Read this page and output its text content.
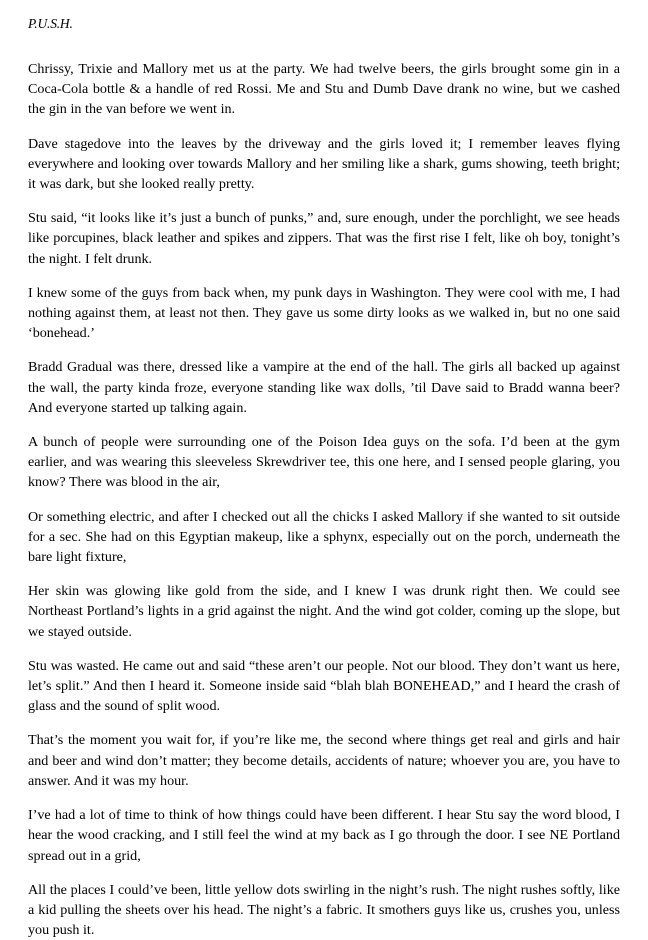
P.U.S.H.

Chrissy, Trixie and Mallory met us at the party. We had twelve beers, the girls brought some gin in a Coca-Cola bottle & a handle of red Rossi. Me and Stu and Dumb Dave drank no wine, but we cashed the gin in the van before we went in.

Dave stagedove into the leaves by the driveway and the girls loved it; I remember leaves flying everywhere and looking over towards Mallory and her smiling like a shark, gums showing, teeth bright; it was dark, but she looked really pretty.

Stu said, “it looks like it’s just a bunch of punks,” and, sure enough, under the porchlight, we see heads like porcupines, black leather and spikes and zippers. That was the first rise I felt, like oh boy, tonight’s the night. I felt drunk.

I knew some of the guys from back when, my punk days in Washington. They were cool with me, I had nothing against them, at least not then. They gave us some dirty looks as we walked in, but no one said ‘bonehead.’

Bradd Gradual was there, dressed like a vampire at the end of the hall. The girls all backed up against the wall, the party kinda froze, everyone standing like wax dolls, ’til Dave said to Bradd wanna beer? And everyone started up talking again.

A bunch of people were surrounding one of the Poison Idea guys on the sofa. I’d been at the gym earlier, and was wearing this sleeveless Skrewdriver tee, this one here, and I sensed people glaring, you know? There was blood in the air,

Or something electric, and after I checked out all the chicks I asked Mallory if she wanted to sit outside for a sec. She had on this Egyptian makeup, like a sphynx, especially out on the porch, underneath the bare light fixture,

Her skin was glowing like gold from the side, and I knew I was drunk right then. We could see Northeast Portland’s lights in a grid against the night. And the wind got colder, coming up the slope, but we stayed outside.

Stu was wasted. He came out and said “these aren’t our people. Not our blood. They don’t want us here, let’s split.” And then I heard it. Someone inside said “blah blah BONEHEAD,” and I heard the crash of glass and the sound of split wood.

That’s the moment you wait for, if you’re like me, the second where things get real and girls and hair and beer and wind don’t matter; they become details, accidents of nature; whoever you are, you have to answer. And it was my hour.

I’ve had a lot of time to think of how things could have been different. I hear Stu say the word blood, I hear the wood cracking, and I still feel the wind at my back as I go through the door. I see NE Portland spread out in a grid,

All the places I could’ve been, little yellow dots swirling in the night’s rush. The night rushes softly, like a kid pulling the sheets over his head. The night’s a fabric. It smothers guys like us, crushes you, unless you push it.
